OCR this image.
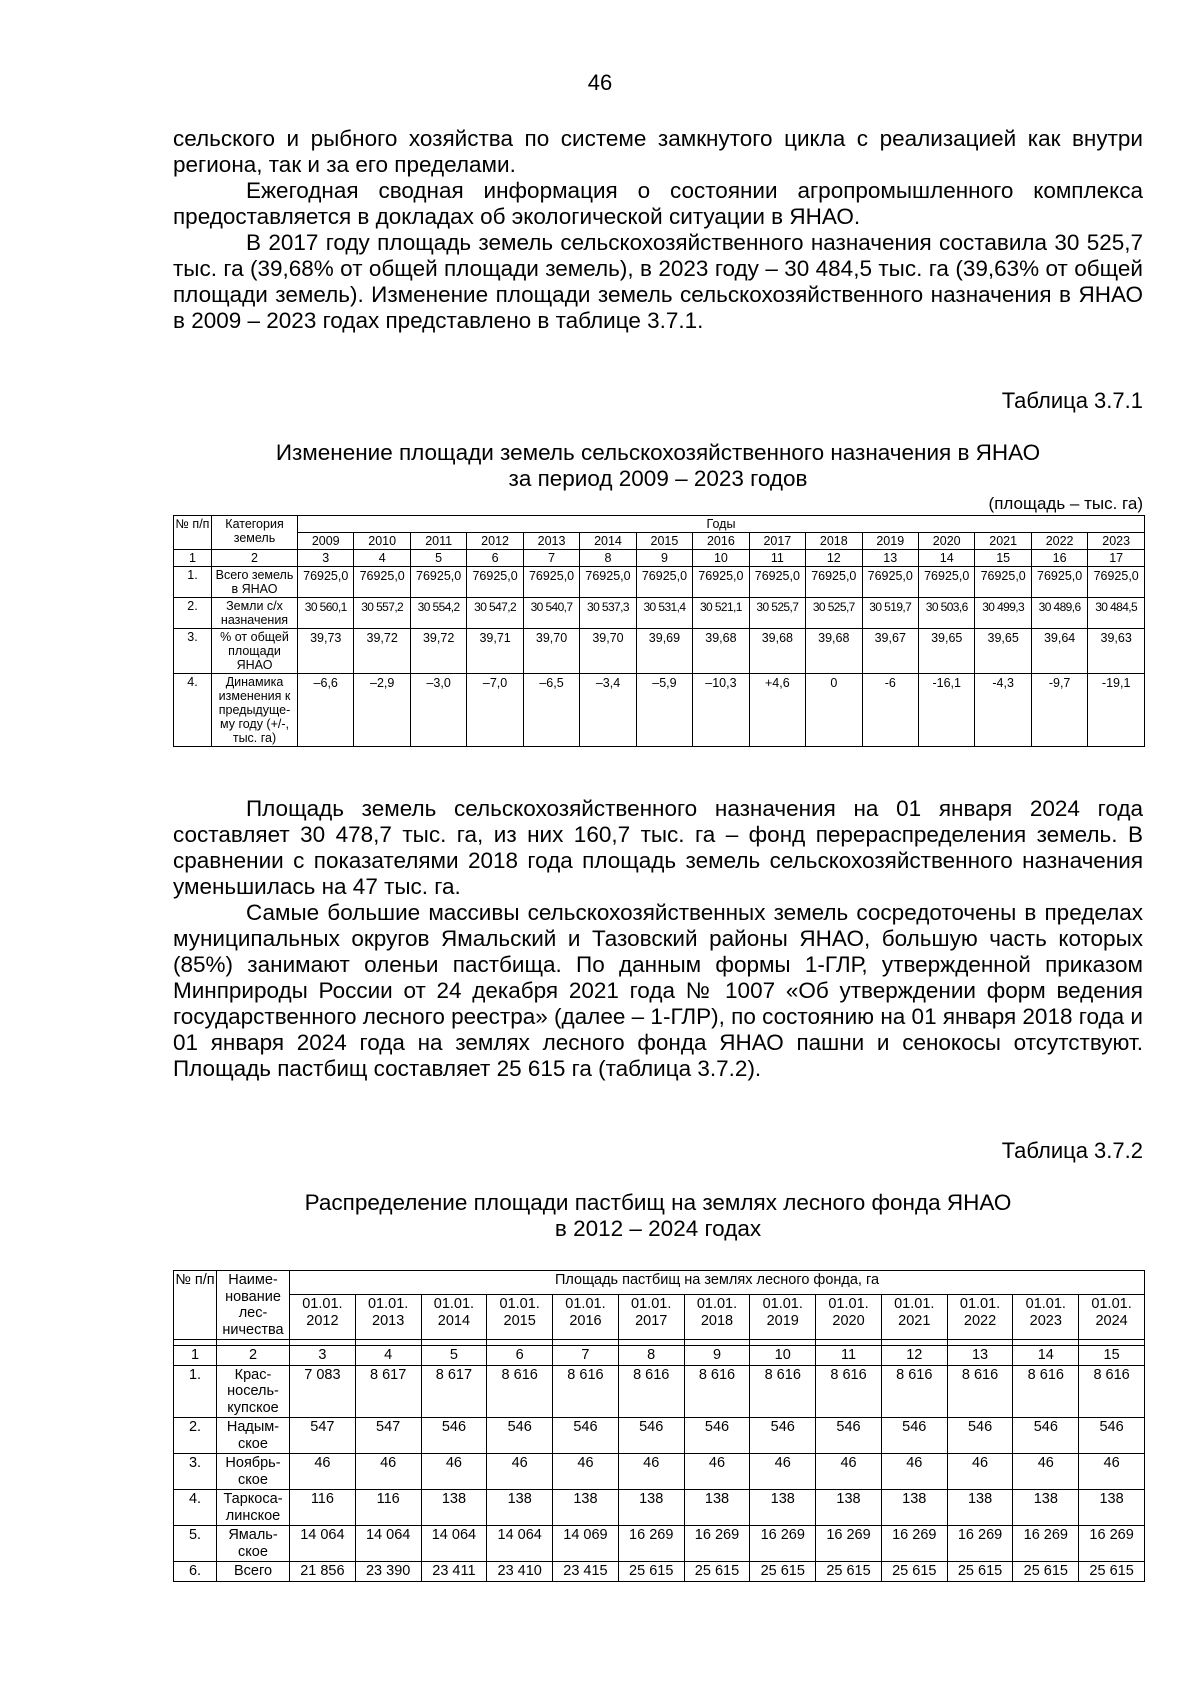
46

сельского и рыбного хозяйства по системе замкнутого цикла с реализацией как внутри региона, так и за его пределами.

Ежегодная сводная информация о состоянии агропромышленного комплекса предоставляется в докладах об экологической ситуации в ЯНАО.

В 2017 году площадь земель сельскохозяйственного назначения составила 30 525,7 тыс. га (39,68% от общей площади земель), в 2023 году – 30 484,5 тыс. га (39,63% от общей площади земель). Изменение площади земель сельскохозяйственного назначения в ЯНАО в 2009 – 2023 годах представлено в таблице 3.7.1.

Таблица 3.7.1
Изменение площади земель сельскохозяйственного назначения в ЯНАО
за период 2009 – 2023 годов
(площадь – тыс. га)
№ п/п	Категория земель	Годы														
		2009	2010	2011	2012	2013	2014	2015	2016	2017	2018	2019	2020	2021	2022	2023
1	2	3	4	5	6	7	8	9	10	11	12	13	14	15	16	17
1.	Всего земель в ЯНАО	76925,0	76925,0	76925,0	76925,0	76925,0	76925,0	76925,0	76925,0	76925,0	76925,0	76925,0	76925,0	76925,0	76925,0	76925,0
2.	Земли с/х назначения	30 560,1	30 557,2	30 554,2	30 547,2	30 540,7	30 537,3	30 531,4	30 521,1	30 525,7	30 525,7	30 519,7	30 503,6	30 499,3	30 489,6	30 484,5
3.	% от общей площади ЯНАО	39,73	39,72	39,72	39,71	39,70	39,70	39,69	39,68	39,68	39,68	39,67	39,65	39,65	39,64	39,63
4.	Динамика изменения к предыдуще-му году (+/-, тыс. га)	–6,6	–2,9	–3,0	–7,0	–6,5	–3,4	–5,9	–10,3	+4,6	0	-6	-16,1	-4,3	-9,7	-19,1

Площадь земель сельскохозяйственного назначения на 01 января 2024 года составляет 30 478,7 тыс. га, из них 160,7 тыс. га – фонд перераспределения земель. В сравнении с показателями 2018 года площадь земель сельскохозяйственного назначения уменьшилась на 47 тыс. га.

Самые большие массивы сельскохозяйственных земель сосредоточены в пределах муниципальных округов Ямальский и Тазовский районы ЯНАО, большую часть которых (85%) занимают оленьи пастбища. По данным формы 1-ГЛР, утвержденной приказом Минприроды России от 24 декабря 2021 года № 1007 «Об утверждении форм ведения государственного лесного реестра» (далее – 1-ГЛР), по состоянию на 01 января 2018 года и 01 января 2024 года на землях лесного фонда ЯНАО пашни и сенокосы отсутствуют. Площадь пастбищ составляет 25 615 га (таблица 3.7.2).

Таблица 3.7.2
Распределение площади пастбищ на землях лесного фонда ЯНАО
в 2012 – 2024 годах
№ п/п	Наиме-нование лес-ничества	Площадь пастбищ на землях лесного фонда, га												
		01.01. 2012	01.01. 2013	01.01. 2014	01.01. 2015	01.01. 2016	01.01. 2017	01.01. 2018	01.01. 2019	01.01. 2020	01.01. 2021	01.01. 2022	01.01. 2023	01.01. 2024

1	2	3	4	5	6	7	8	9	10	11	12	13	14	15
1.	Крас-носель-купское	7 083	8 617	8 617	8 616	8 616	8 616	8 616	8 616	8 616	8 616	8 616	8 616	8 616
2.	Надым-ское	547	547	546	546	546	546	546	546	546	546	546	546	546
3.	Ноябрь-ское	46	46	46	46	46	46	46	46	46	46	46	46	46
4.	Таркоса-линское	116	116	138	138	138	138	138	138	138	138	138	138	138
5.	Ямаль-ское	14 064	14 064	14 064	14 064	14 069	16 269	16 269	16 269	16 269	16 269	16 269	16 269	16 269
6.	Всего	21 856	23 390	23 411	23 410	23 415	25 615	25 615	25 615	25 615	25 615	25 615	25 615	25 615
